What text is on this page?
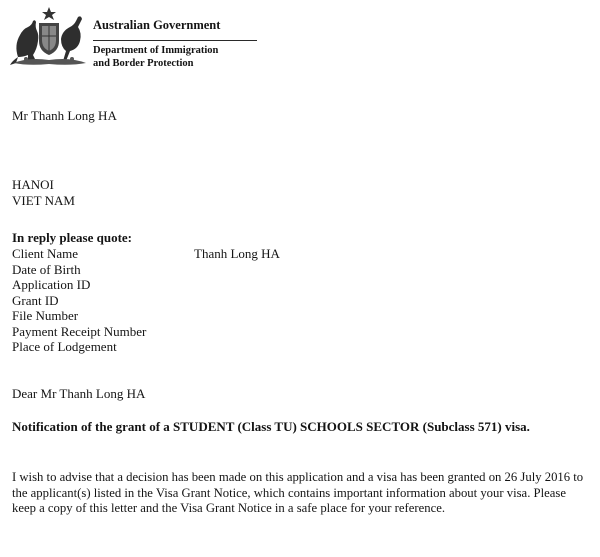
Australian Government
Department of Immigration
and Border Protection
Mr Thanh Long HA
HANOI
VIET NAM
In reply please quote:
Client Name
Date of Birth
Application ID
Grant ID
File Number
Payment Receipt Number
Place of Lodgement
Thanh Long HA
Dear Mr Thanh Long HA
Notification of the grant of a STUDENT (Class TU) SCHOOLS SECTOR (Subclass 571) visa.
I wish to advise that a decision has been made on this application and a visa has been granted on 26 July 2016 to the applicant(s) listed in the Visa Grant Notice, which contains important information about your visa. Please keep a copy of this letter and the Visa Grant Notice in a safe place for your reference.
